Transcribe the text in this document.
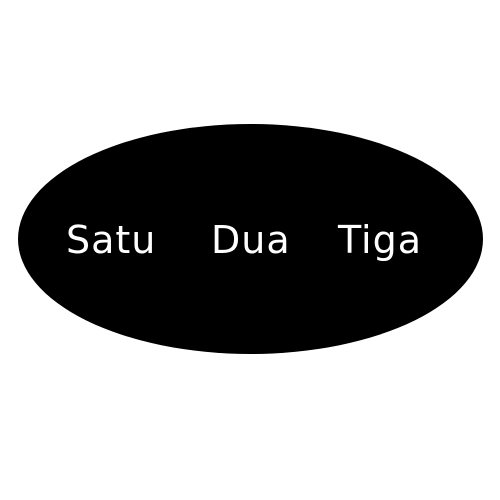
Satu Dua Tiga
